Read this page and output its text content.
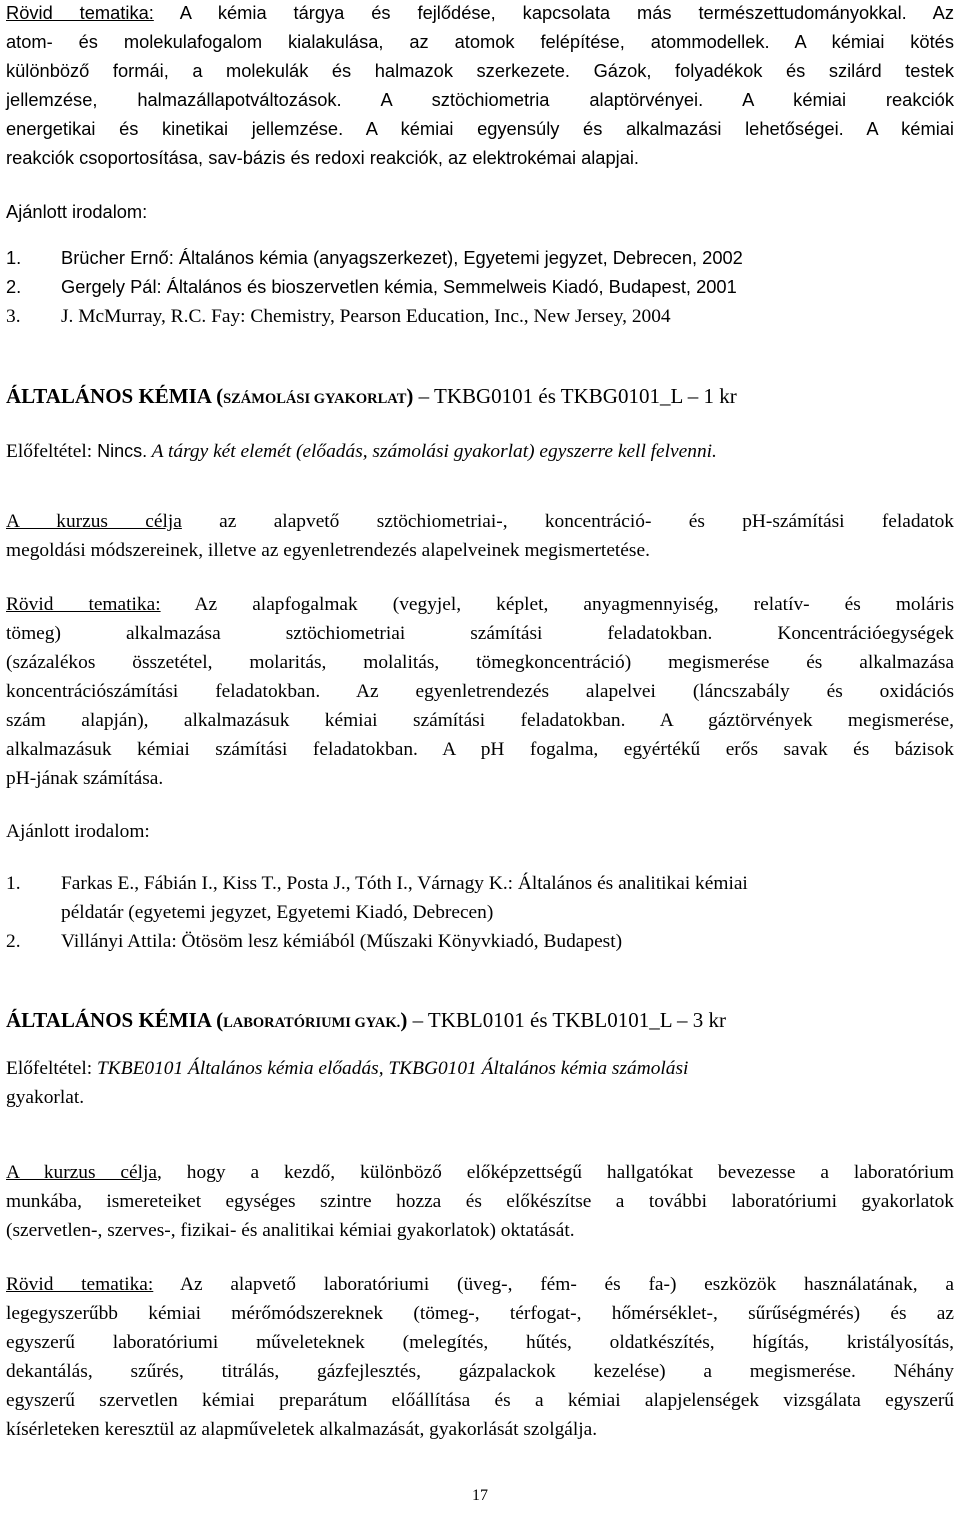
Rövid tematika: A kémia tárgya és fejlődése, kapcsolata más természettudományokkal. Az
atom- és molekulafogalom kialakulása, az atomok felépítése, atommodellek. A kémiai kötés
különböző formái, a molekulák és halmazok szerkezete. Gázok, folyadékok és szilárd testek
jellemzése, halmazállapotváltozások. A sztöchiometria alaptörvényei. A kémiai reakciók
energetikai és kinetikai jellemzése. A kémiai egyensúly és alkalmazási lehetőségei. A kémiai
reakciók csoportosítása, sav-bázis és redoxi reakciók, az elektrokémai alapjai.
Ajánlott irodalom:
1. Brücher Ernő: Általános kémia (anyagszerkezet), Egyetemi jegyzet, Debrecen, 2002
2. Gergely Pál: Általános és bioszervetlen kémia, Semmelweis Kiadó, Budapest, 2001
3. J. McMurray, R.C. Fay: Chemistry, Pearson Education, Inc., New Jersey, 2004
ÁLTALÁNOS KÉMIA (SZÁMOLÁSI GYAKORLAT) – TKBG0101 és TKBG0101_L – 1 kr
Előfeltétel: Nincs. A tárgy két elemét (előadás, számolási gyakorlat) egyszerre kell felvenni.
A kurzus célja az alapvető sztöchiometriai-, koncentráció- és pH-számítási feladatok
megoldási módszereinek, illetve az egyenletrendezés alapelveinek megismertetése.
Rövid tematika: Az alapfogalmak (vegyjel, képlet, anyagmennyiség, relatív- és moláris
tömeg) alkalmazása sztöchiometriai számítási feladatokban. Koncentrációegységek
(százalékos összetétel, molaritás, molalitás, tömegkoncentráció) megismerése és alkalmazása
koncentrációszámítási feladatokban. Az egyenletrendezés alapelvei (láncszabály és oxidációs
szám alapján), alkalmazásuk kémiai számítási feladatokban. A gáztörvények megismerése,
alkalmazásuk kémiai számítási feladatokban. A pH fogalma, egyértékű erős savak és bázisok
pH-jának számítása.
Ajánlott irodalom:
1. Farkas E., Fábián I., Kiss T., Posta J., Tóth I., Várnagy K.: Általános és analitikai kémiai
példatár (egyetemi jegyzet, Egyetemi Kiadó, Debrecen)
2. Villányi Attila: Ötösöm lesz kémiából (Műszaki Könyvkiadó, Budapest)
ÁLTALÁNOS KÉMIA (LABORATÓRIUMI GYAK.) – TKBL0101 és TKBL0101_L – 3 kr
Előfeltétel: TKBE0101 Általános kémia előadás, TKBG0101 Általános kémia számolási
gyakorlat.
A kurzus célja, hogy a kezdő, különböző előképzettségű hallgatókat bevezesse a laboratórium
munkába, ismereteiket egységes szintre hozza és előkészítse a további laboratóriumi gyakorlatok
(szervetlen-, szerves-, fizikai- és analitikai kémiai gyakorlatok) oktatását.
Rövid tematika: Az alapvető laboratóriumi (üveg-, fém- és fa-) eszközök használatának, a
legegyszerűbb kémiai mérőmódszereknek (tömeg-, térfogat-, hőmérséklet-, sűrűségmérés) és az
egyszerű laboratóriumi műveleteknek (melegítés, hűtés, oldatkészítés, hígítás, kristályosítás,
dekantálás, szűrés, titrálás, gázfejlesztés, gázpalackok kezelése) a megismerése. Néhány
egyszerű szervetlen kémiai preparátum előállítása és a kémiai alapjelenségek vizsgálata egyszerű
kísérleteken keresztül az alapműveletek alkalmazását, gyakorlását szolgálja.
17
